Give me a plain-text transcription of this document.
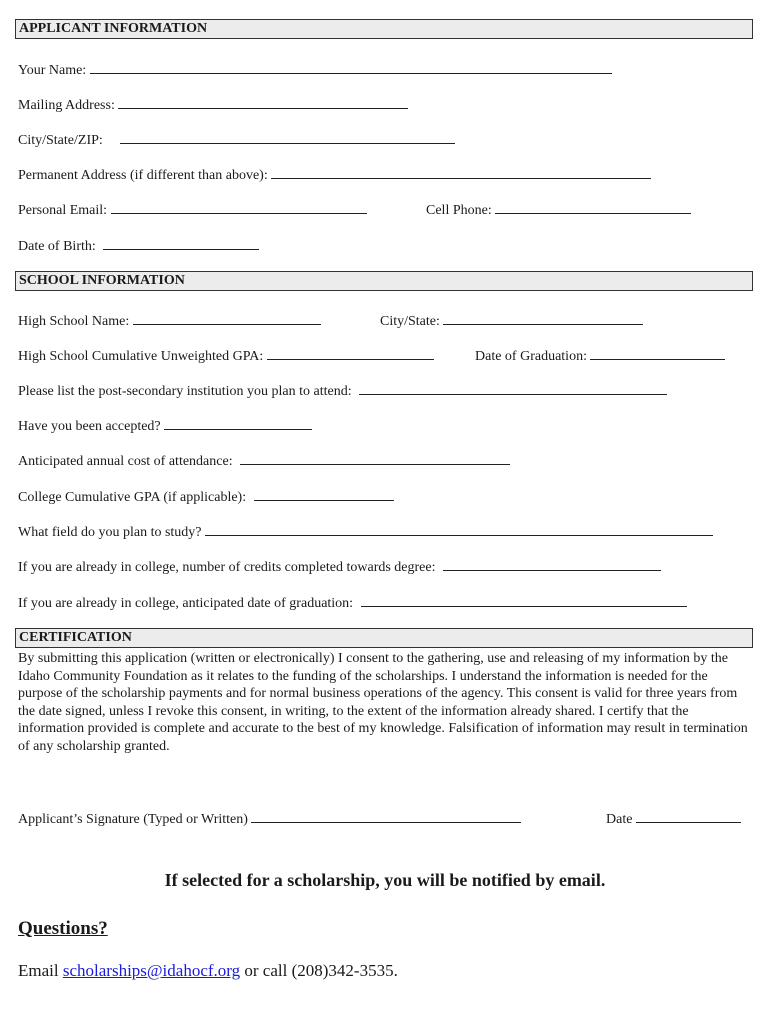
APPLICANT INFORMATION
Your Name:
Mailing Address:
City/State/ZIP:
Permanent Address (if different than above):
Personal Email:	Cell Phone:
Date of Birth:
SCHOOL INFORMATION
High School Name:	City/State:
High School Cumulative Unweighted GPA:	Date of Graduation:
Please list the post-secondary institution you plan to attend:
Have you been accepted?
Anticipated annual cost of attendance:
College Cumulative GPA (if applicable):
What field do you plan to study?
If you are already in college, number of credits completed towards degree:
If you are already in college, anticipated date of graduation:
CERTIFICATION
By submitting this application (written or electronically) I consent to the gathering, use and releasing of my information by the Idaho Community Foundation as it relates to the funding of the scholarships. I understand the information is needed for the purpose of the scholarship payments and for normal business operations of the agency. This consent is valid for three years from the date signed, unless I revoke this consent, in writing, to the extent of the information already shared. I certify that the information provided is complete and accurate to the best of my knowledge. Falsification of information may result in termination of any scholarship granted.
Applicant’s Signature (Typed or Written)	Date
If selected for a scholarship, you will be notified by email.
Questions?
Email scholarships@idahocf.org or call (208)342-3535.
